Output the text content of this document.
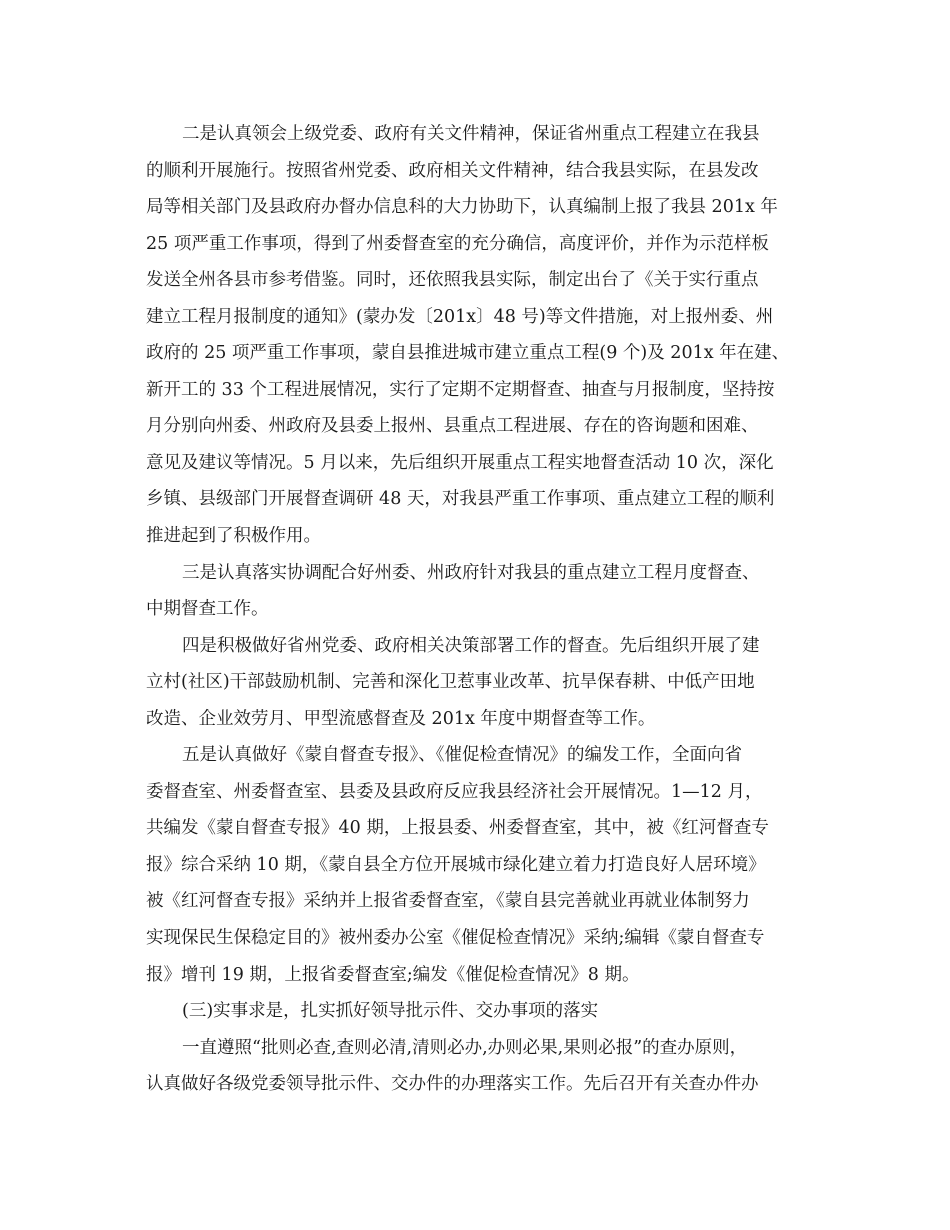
二是认真领会上级党委、政府有关文件精神，保证省州重点工程建立在我县
的顺利开展施行。按照省州党委、政府相关文件精神，结合我县实际，在县发改
局等相关部门及县政府办督办信息科的大力协助下，认真编制上报了我县 201x 年
25 项严重工作事项，得到了州委督查室的充分确信，高度评价，并作为示范样板
发送全州各县市参考借鉴。同时，还依照我县实际，制定出台了《关于实行重点
建立工程月报制度的通知》(蒙办发〔201x〕48 号)等文件措施，对上报州委、州
政府的 25 项严重工作事项，蒙自县推进城市建立重点工程(9 个)及 201x 年在建、
新开工的 33 个工程进展情况，实行了定期不定期督查、抽查与月报制度，坚持按
月分别向州委、州政府及县委上报州、县重点工程进展、存在的咨询题和困难、
意见及建议等情况。5 月以来，先后组织开展重点工程实地督查活动 10 次，深化
乡镇、县级部门开展督查调研 48 天，对我县严重工作事项、重点建立工程的顺利
推进起到了积极作用。
三是认真落实协调配合好州委、州政府针对我县的重点建立工程月度督查、
中期督查工作。
四是积极做好省州党委、政府相关决策部署工作的督查。先后组织开展了建
立村(社区)干部鼓励机制、完善和深化卫惹事业改革、抗旱保春耕、中低产田地
改造、企业效劳月、甲型流感督查及 201x 年度中期督查等工作。
五是认真做好《蒙自督查专报》、《催促检查情况》的编发工作，全面向省
委督查室、州委督查室、县委及县政府反应我县经济社会开展情况。1—12 月，
共编发《蒙自督查专报》40 期，上报县委、州委督查室，其中，被《红河督查专
报》综合采纳 10 期，《蒙自县全方位开展城市绿化建立着力打造良好人居环境》
被《红河督查专报》采纳并上报省委督查室，《蒙自县完善就业再就业体制努力
实现保民生保稳定目的》被州委办公室《催促检查情况》采纳;编辑《蒙自督查专
报》增刊 19 期，上报省委督查室;编发《催促检查情况》8 期。
(三)实事求是，扎实抓好领导批示件、交办事项的落实
一直遵照“批则必查,查则必清,清则必办,办则必果,果则必报”的查办原则，
认真做好各级党委领导批示件、交办件的办理落实工作。先后召开有关查办件办
